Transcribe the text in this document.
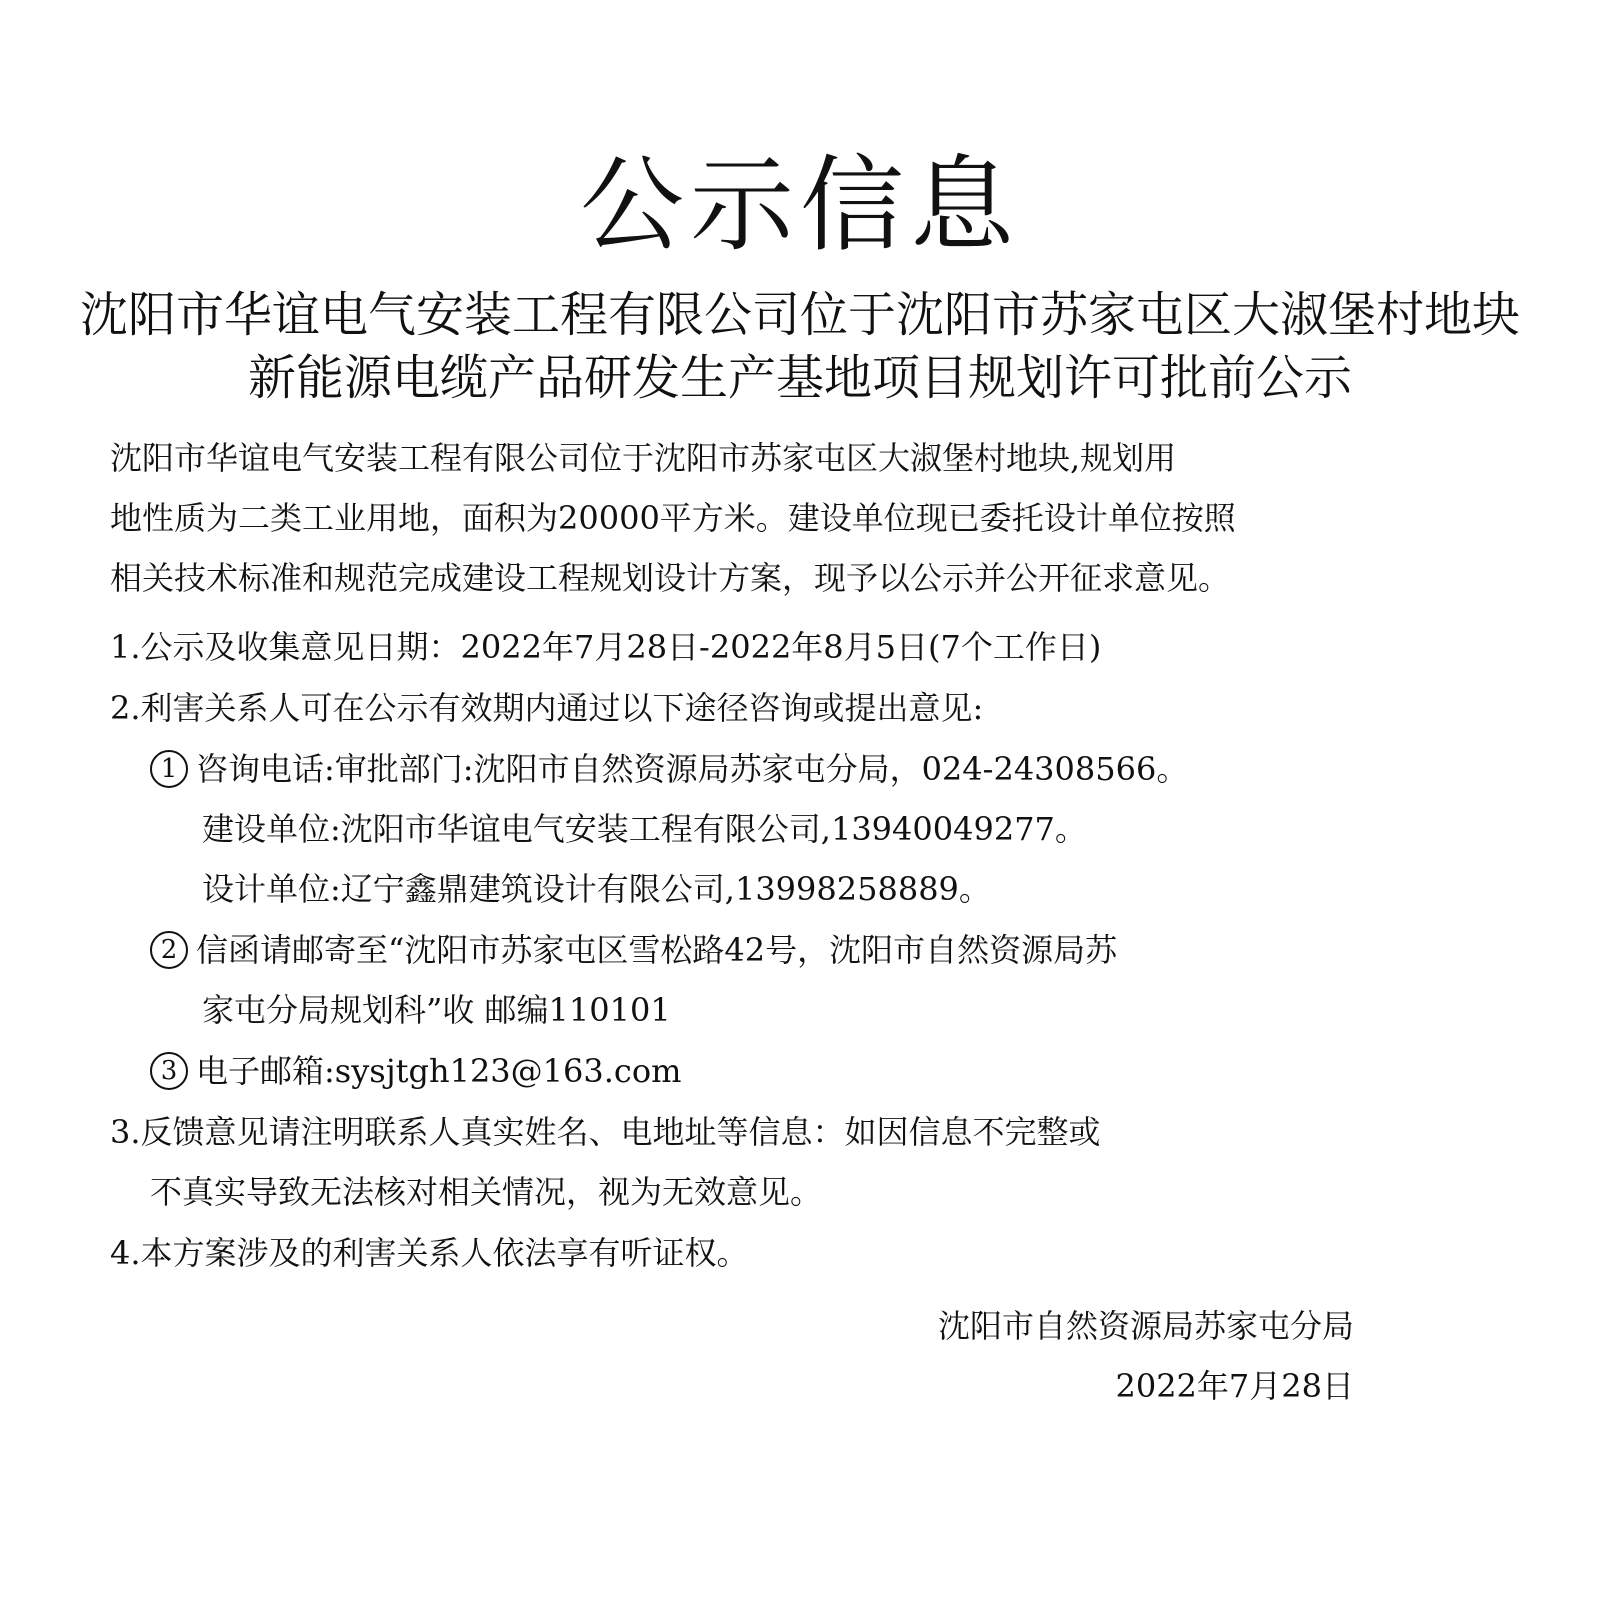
公示信息
沈阳市华谊电气安装工程有限公司位于沈阳市苏家屯区大淑堡村地块
新能源电缆产品研发生产基地项目规划许可批前公示
沈阳市华谊电气安装工程有限公司位于沈阳市苏家屯区大淑堡村地块,规划用
地性质为二类工业用地，面积为20000平方米。建设单位现已委托设计单位按照
相关技术标准和规范完成建设工程规划设计方案，现予以公示并公开征求意见。
1.公示及收集意见日期：2022年7月28日-2022年8月5日(7个工作日)
2.利害关系人可在公示有效期内通过以下途径咨询或提出意见:
1 咨询电话:审批部门:沈阳市自然资源局苏家屯分局，024-24308566。
建设单位:沈阳市华谊电气安装工程有限公司,13940049277。
设计单位:辽宁鑫鼎建筑设计有限公司,13998258889。
2 信函请邮寄至“沈阳市苏家屯区雪松路42号，沈阳市自然资源局苏
家屯分局规划科”收 邮编110101
3 电子邮箱:sysjtgh123@163.com
3.反馈意见请注明联系人真实姓名、电地址等信息：如因信息不完整或
不真实导致无法核对相关情况，视为无效意见。
4.本方案涉及的利害关系人依法享有听证权。
沈阳市自然资源局苏家屯分局
2022年7月28日
